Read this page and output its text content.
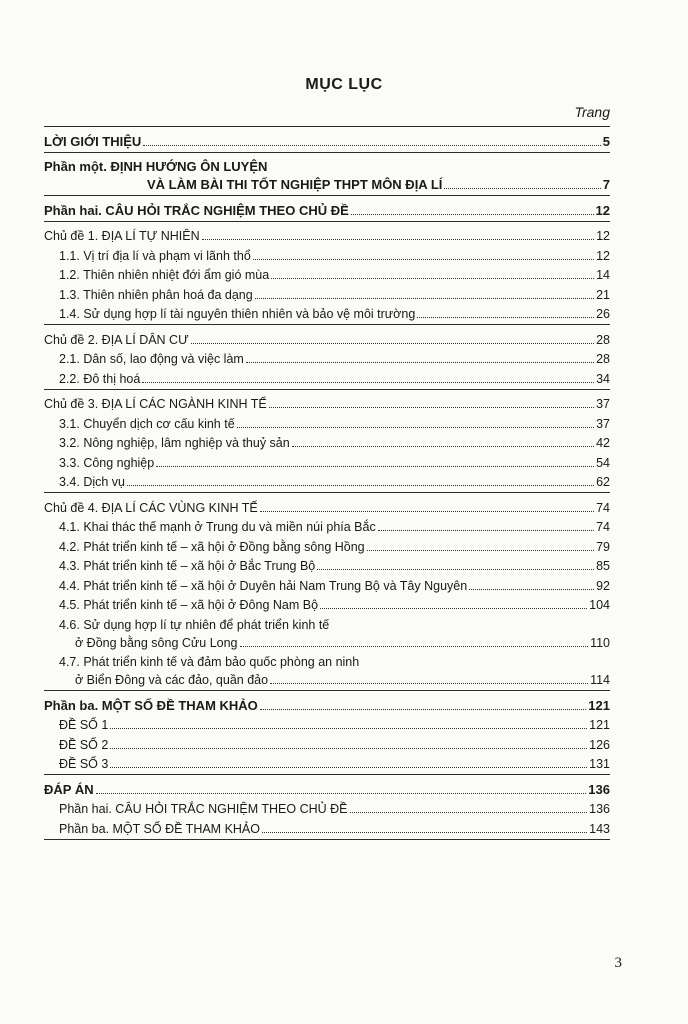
MỤC LỤC
Trang
LỜI GIỚI THIỆU	5
Phần một. ĐỊNH HƯỚNG ÔN LUYỆN
VÀ LÀM BÀI THI TỐT NGHIỆP THPT MÔN ĐỊA LÍ	7
Phần hai. CÂU HỎI TRẮC NGHIỆM THEO CHỦ ĐỀ	12
Chủ đề 1. ĐỊA LÍ TỰ NHIÊN	12
1.1. Vị trí địa lí và phạm vi lãnh thổ	12
1.2. Thiên nhiên nhiệt đới ẩm gió mùa	14
1.3. Thiên nhiên phân hoá đa dạng	21
1.4. Sử dụng hợp lí tài nguyên thiên nhiên và bảo vệ môi trường	26
Chủ đề 2. ĐỊA LÍ DÂN CƯ	28
2.1. Dân số, lao động và việc làm	28
2.2. Đô thị hoá	34
Chủ đề 3. ĐỊA LÍ CÁC NGÀNH KINH TẾ	37
3.1. Chuyển dịch cơ cấu kinh tế	37
3.2. Nông nghiệp, lâm nghiệp và thuỷ sản	42
3.3. Công nghiệp	54
3.4. Dịch vụ	62
Chủ đề 4. ĐỊA LÍ CÁC VÙNG KINH TẾ	74
4.1. Khai thác thế mạnh ở Trung du và miền núi phía Bắc	74
4.2. Phát triển kinh tế – xã hội ở Đồng bằng sông Hồng	79
4.3. Phát triển kinh tế – xã hội ở Bắc Trung Bộ	85
4.4. Phát triển kinh tế – xã hội ở Duyên hải Nam Trung Bộ và Tây Nguyên	92
4.5. Phát triển kinh tế – xã hội ở Đông Nam Bộ	104
4.6. Sử dụng hợp lí tự nhiên để phát triển kinh tế
ở Đồng bằng sông Cửu Long	110
4.7. Phát triển kinh tế và đảm bảo quốc phòng an ninh
ở Biển Đông và các đảo, quần đảo	114
Phần ba. MỘT SỐ ĐỀ THAM KHẢO	121
ĐỀ SỐ 1	121
ĐỀ SỐ 2	126
ĐỀ SỐ 3	131
ĐÁP ÁN	136
Phần hai. CÂU HỎI TRẮC NGHIỆM THEO CHỦ ĐỀ	136
Phần ba. MỘT SỐ ĐỀ THAM KHẢO	143
3
